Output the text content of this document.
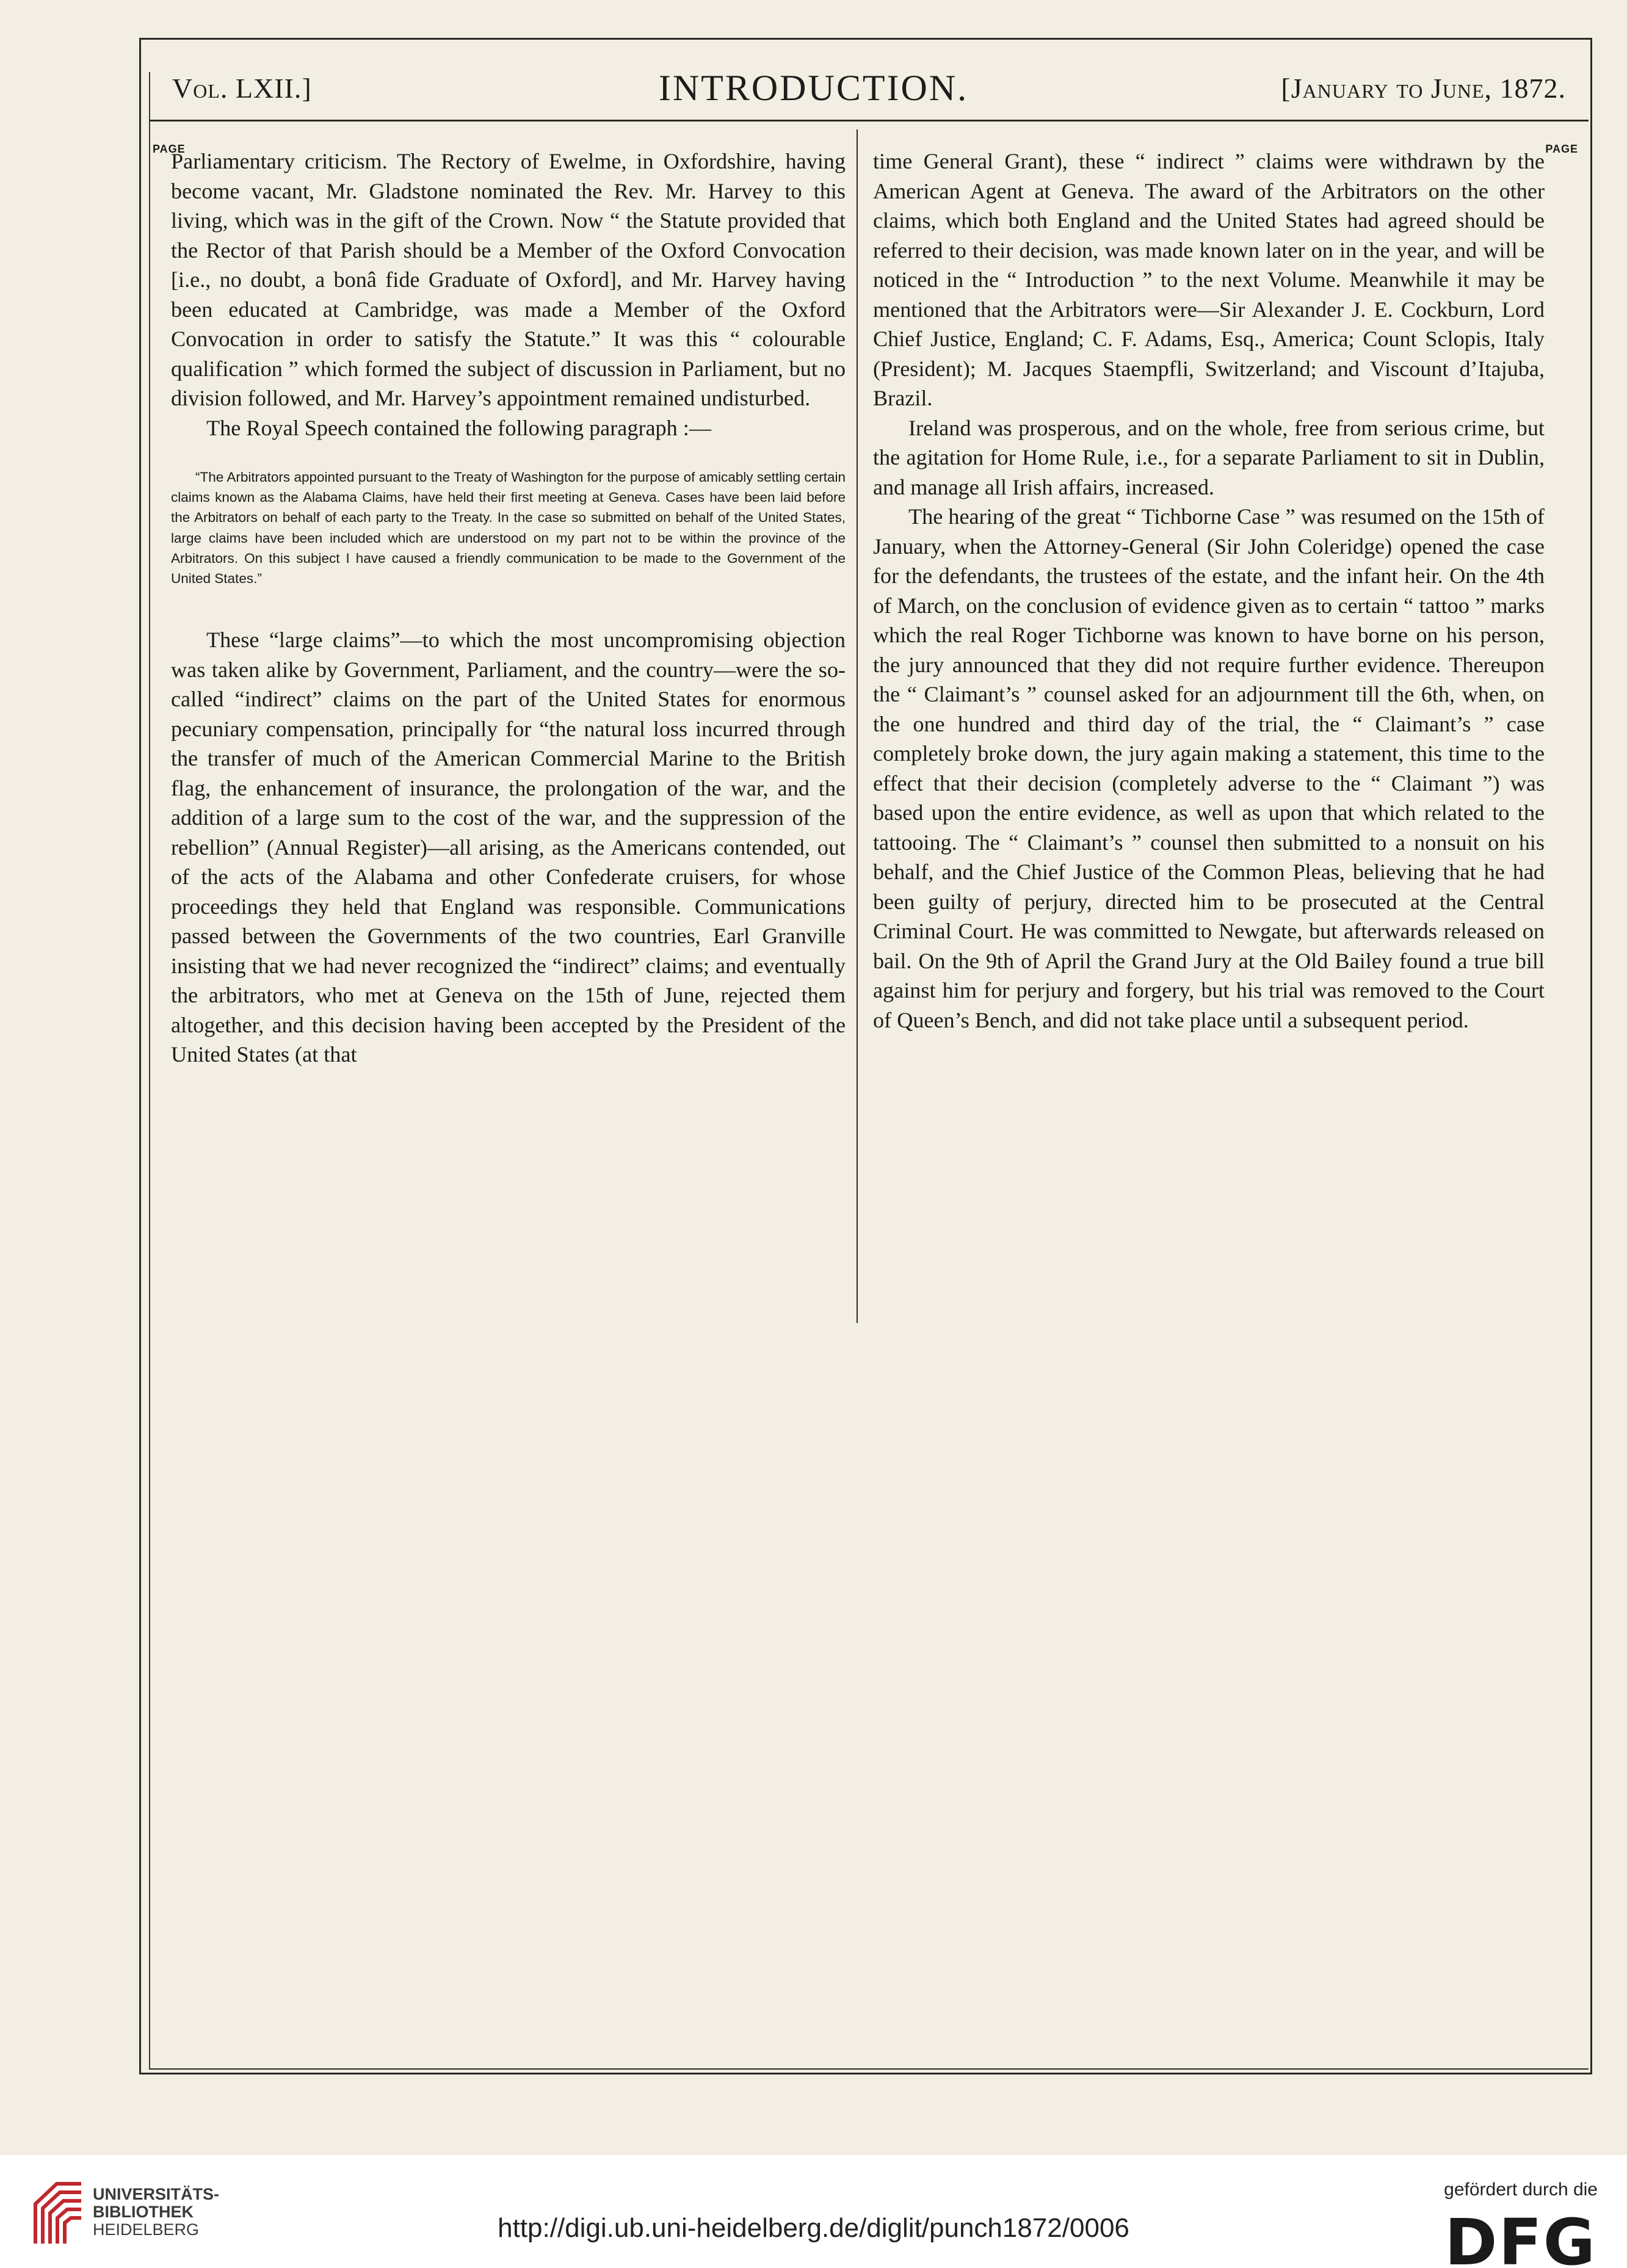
Vol. LXII.]	INTRODUCTION.	[January to June, 1872.
PAGE	PAGE

Parliamentary criticism. The Rectory of Ewelme, in Oxfordshire, having become vacant, Mr. Gladstone nominated the Rev. Mr. Harvey to this living, which was in the gift of the Crown. Now “ the Statute provided that the Rector of that Parish should be a Member of the Oxford Convocation [i.e., no doubt, a bonâ fide Graduate of Oxford], and Mr. Harvey having been educated at Cambridge, was made a Member of the Oxford Convocation in order to satisfy the Statute.” It was this “ colourable qualification ” which formed the subject of discussion in Parliament, but no division followed, and Mr. Harvey’s appointment remained undisturbed.

The Royal Speech contained the following paragraph :—

“The Arbitrators appointed pursuant to the Treaty of Washington for the purpose of amicably settling certain claims known as the Alabama Claims, have held their first meeting at Geneva. Cases have been laid before the Arbitrators on behalf of each party to the Treaty. In the case so submitted on behalf of the United States, large claims have been included which are understood on my part not to be within the province of the Arbitrators. On this subject I have caused a friendly communication to be made to the Government of the United States.”

These “large claims”—to which the most uncompromising objection was taken alike by Government, Parliament, and the country—were the so-called “indirect” claims on the part of the United States for enormous pecuniary compensation, principally for “the natural loss incurred through the transfer of much of the American Commercial Marine to the British flag, the enhancement of insurance, the prolongation of the war, and the addition of a large sum to the cost of the war, and the suppression of the rebellion” (Annual Register)—all arising, as the Americans contended, out of the acts of the Alabama and other Confederate cruisers, for whose proceedings they held that England was responsible. Communications passed between the Governments of the two countries, Earl Granville insisting that we had never recognized the “indirect” claims; and eventually the arbitrators, who met at Geneva on the 15th of June, rejected them altogether, and this decision having been accepted by the President of the United States (at that

time General Grant), these “ indirect ” claims were withdrawn by the American Agent at Geneva. The award of the Arbitrators on the other claims, which both England and the United States had agreed should be referred to their decision, was made known later on in the year, and will be noticed in the “ Introduction ” to the next Volume. Meanwhile it may be mentioned that the Arbitrators were—Sir Alexander J. E. Cockburn, Lord Chief Justice, England; C. F. Adams, Esq., America; Count Sclopis, Italy (President); M. Jacques Staempfli, Switzerland; and Viscount d’Itajuba, Brazil.

Ireland was prosperous, and on the whole, free from serious crime, but the agitation for Home Rule, i.e., for a separate Parliament to sit in Dublin, and manage all Irish affairs, increased.

The hearing of the great “ Tichborne Case ” was resumed on the 15th of January, when the Attorney-General (Sir John Coleridge) opened the case for the defendants, the trustees of the estate, and the infant heir. On the 4th of March, on the conclusion of evidence given as to certain “ tattoo ” marks which the real Roger Tichborne was known to have borne on his person, the jury announced that they did not require further evidence. Thereupon the “ Claimant’s ” counsel asked for an adjournment till the 6th, when, on the one hundred and third day of the trial, the “ Claimant’s ” case completely broke down, the jury again making a statement, this time to the effect that their decision (completely adverse to the “ Claimant ”) was based upon the entire evidence, as well as upon that which related to the tattooing. The “ Claimant’s ” counsel then submitted to a nonsuit on his behalf, and the Chief Justice of the Common Pleas, believing that he had been guilty of perjury, directed him to be prosecuted at the Central Criminal Court. He was committed to Newgate, but afterwards released on bail. On the 9th of April the Grand Jury at the Old Bailey found a true bill against him for perjury and forgery, but his trial was removed to the Court of Queen’s Bench, and did not take place until a subsequent period.

UNIVERSITÄTS-
BIBLIOTHEK
HEIDELBERG	http://digi.ub.uni-heidelberg.de/diglit/punch1872/0006
gefördert durch die
DFG
